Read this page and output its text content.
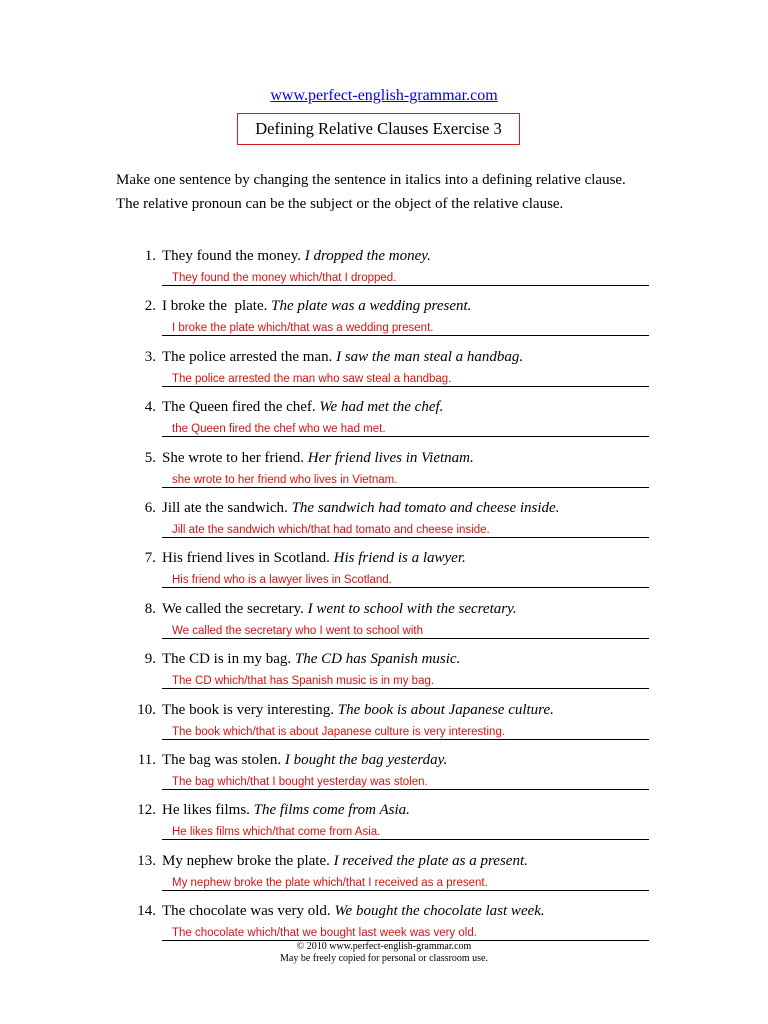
www.perfect-english-grammar.com
Defining Relative Clauses Exercise 3
Make one sentence by changing the sentence in italics into a defining relative clause.
The relative pronoun can be the subject or the object of the relative clause.
1. They found the money. I dropped the money.
They found the money which/that I dropped.
2. I broke the  plate. The plate was a wedding present.
I broke the plate which/that was a wedding present.
3. The police arrested the man. I saw the man steal a handbag.
The police arrested the man who saw steal a handbag.
4. The Queen fired the chef. We had met the chef.
the Queen fired the chef who we had met.
5. She wrote to her friend. Her friend lives in Vietnam.
she wrote to her friend who lives in Vietnam.
6. Jill ate the sandwich. The sandwich had tomato and cheese inside.
Jill ate the sandwich which/that had tomato and cheese inside.
7. His friend lives in Scotland. His friend is a lawyer.
His friend who is a lawyer lives in Scotland.
8. We called the secretary. I went to school with the secretary.
We called the secretary who I went to school with
9. The CD is in my bag. The CD has Spanish music.
The CD which/that has Spanish music is in my bag.
10. The book is very interesting. The book is about Japanese culture.
The book which/that is about Japanese culture is very interesting.
11. The bag was stolen. I bought the bag yesterday.
The bag which/that I bought yesterday was stolen.
12. He likes films. The films come from Asia.
He likes films which/that come from Asia.
13. My nephew broke the plate. I received the plate as a present.
My nephew broke the plate which/that I received as a present.
14. The chocolate was very old. We bought the chocolate last week.
The chocolate which/that we bought last week was very old.
© 2010 www.perfect-english-grammar.com
May be freely copied for personal or classroom use.
